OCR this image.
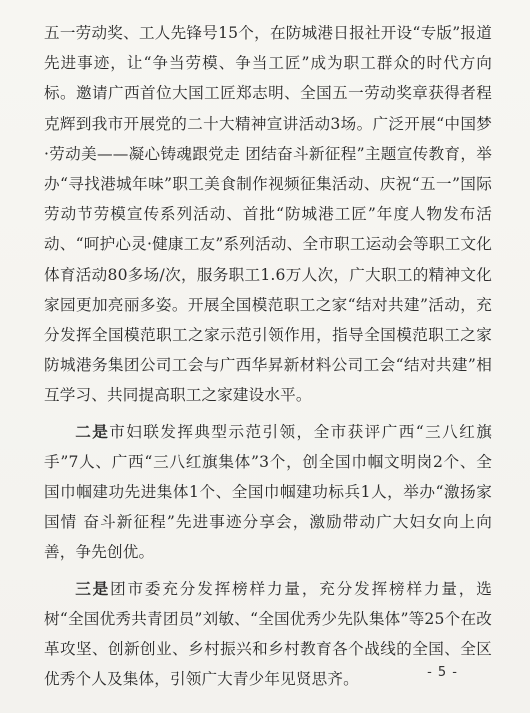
五一劳动奖、工人先锋号15个，在防城港日报社开设“专版”报道先进事迹，让“争当劳模、争当工匠”成为职工群众的时代方向标。邀请广西首位大国工匠郑志明、全国五一劳动奖章获得者程克辉到我市开展党的二十大精神宣讲活动3场。广泛开展“中国梦·劳动美——凝心铸魂跟党走 团结奋斗新征程”主题宣传教育，举办“寻找港城年味”职工美食制作视频征集活动、庆祝“五一”国际劳动节劳模宣传系列活动、首批“防城港工匠”年度人物发布活动、“呵护心灵·健康工友”系列活动、全市职工运动会等职工文化体育活动80多场/次，服务职工1.6万人次，广大职工的精神文化家园更加亮丽多姿。开展全国模范职工之家“结对共建”活动，充分发挥全国模范职工之家示范引领作用，指导全国模范职工之家防城港务集团公司工会与广西华昇新材料公司工会“结对共建”相互学习、共同提高职工之家建设水平。

二是市妇联发挥典型示范引领，全市获评广西“三八红旗手”7人、广西“三八红旗集体”3个，创全国巾帼文明岗2个、全国巾帼建功先进集体1个、全国巾帼建功标兵1人，举办“激扬家国情 奋斗新征程”先进事迹分享会，激励带动广大妇女向上向善，争先创优。

三是团市委充分发挥榜样力量，充分发挥榜样力量，选树“全国优秀共青团员”刘敏、“全国优秀少先队集体”等25个在改革攻坚、创新创业、乡村振兴和乡村教育各个战线的全国、全区优秀个人及集体，引领广大青少年见贤思齐。	- 5 -
